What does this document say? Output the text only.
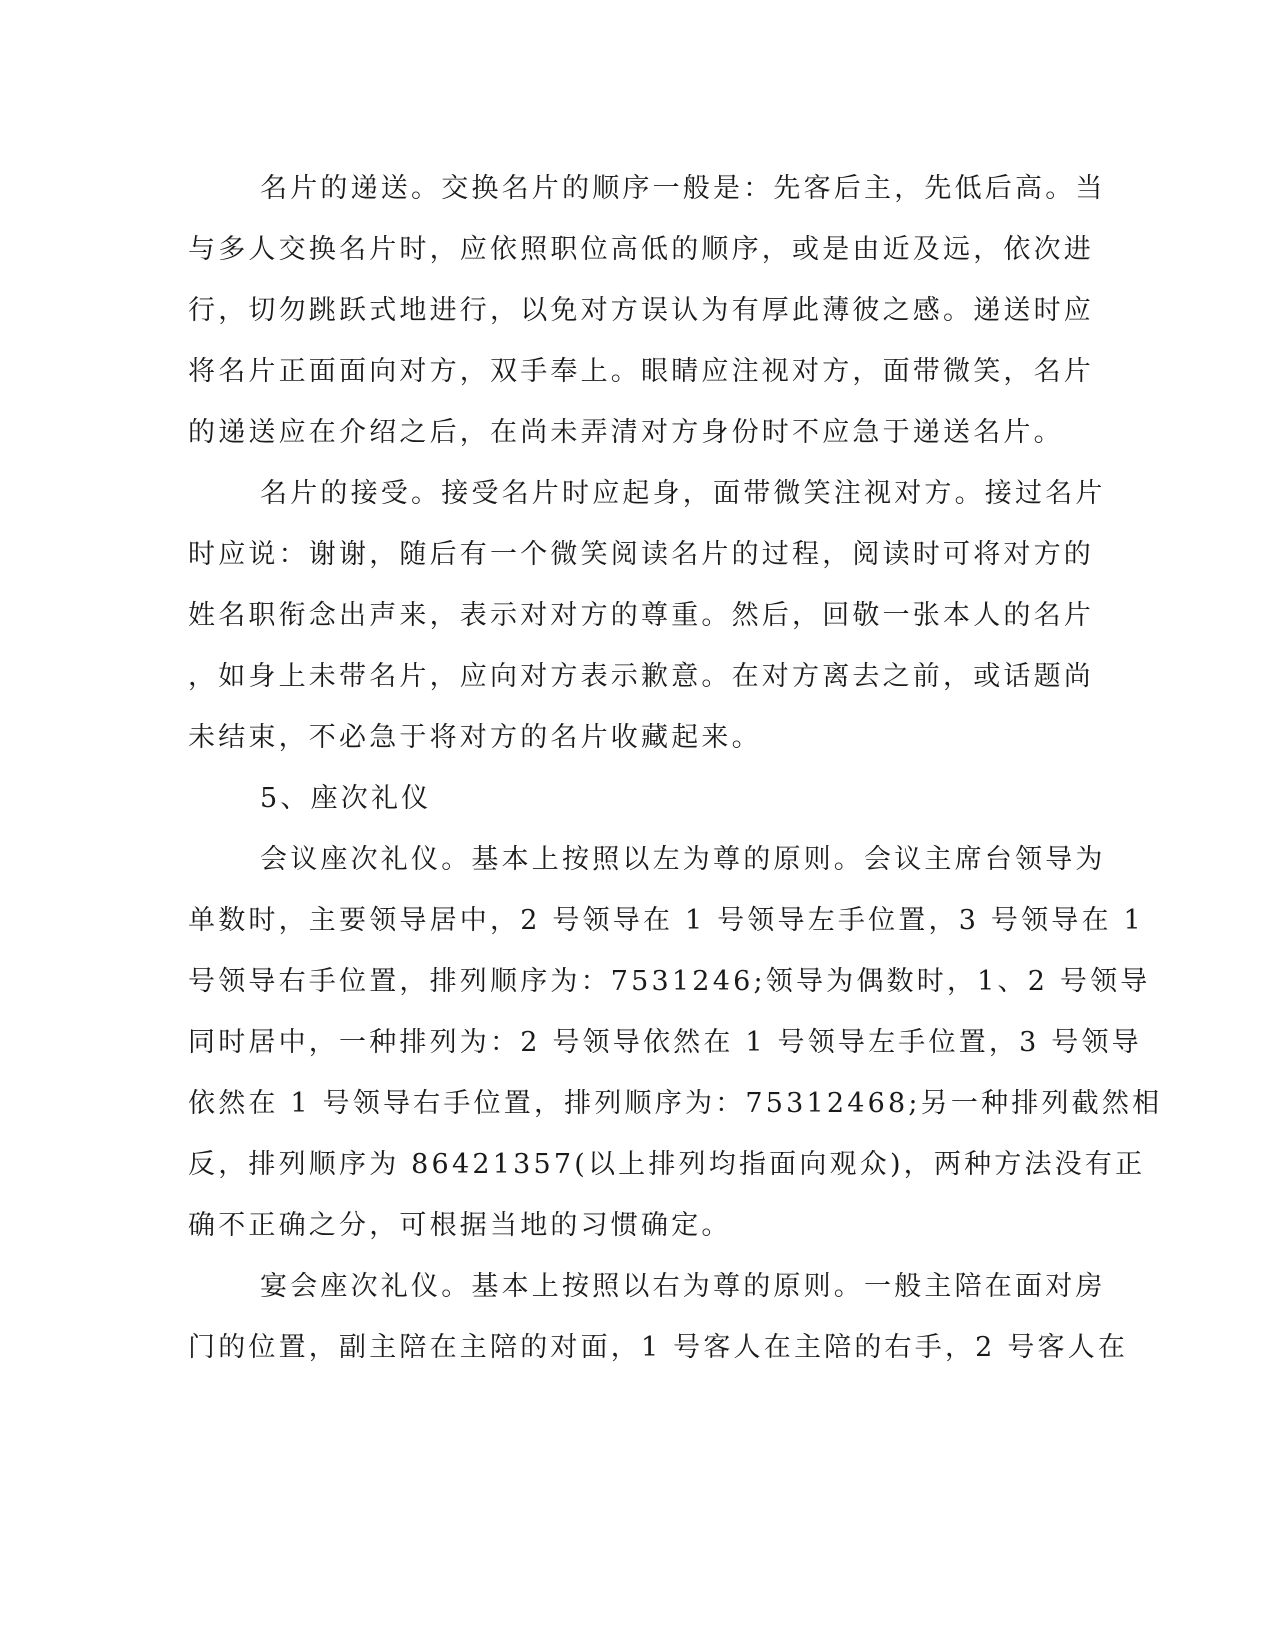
名片的递送。交换名片的顺序一般是：先客后主，先低后高。当
与多人交换名片时，应依照职位高低的顺序，或是由近及远，依次进
行，切勿跳跃式地进行，以免对方误认为有厚此薄彼之感。递送时应
将名片正面面向对方，双手奉上。眼睛应注视对方，面带微笑，名片
的递送应在介绍之后，在尚未弄清对方身份时不应急于递送名片。
名片的接受。接受名片时应起身，面带微笑注视对方。接过名片
时应说：谢谢，随后有一个微笑阅读名片的过程，阅读时可将对方的
姓名职衔念出声来，表示对对方的尊重。然后，回敬一张本人的名片
，如身上未带名片，应向对方表示歉意。在对方离去之前，或话题尚
未结束，不必急于将对方的名片收藏起来。
5、座次礼仪
会议座次礼仪。基本上按照以左为尊的原则。会议主席台领导为
单数时，主要领导居中，2 号领导在 1 号领导左手位置，3 号领导在 1
号领导右手位置，排列顺序为：7531246;领导为偶数时，1、2 号领导
同时居中，一种排列为：2 号领导依然在 1 号领导左手位置，3 号领导
依然在 1 号领导右手位置，排列顺序为：75312468;另一种排列截然相
反，排列顺序为 86421357(以上排列均指面向观众)，两种方法没有正
确不正确之分，可根据当地的习惯确定。
宴会座次礼仪。基本上按照以右为尊的原则。一般主陪在面对房
门的位置，副主陪在主陪的对面，1 号客人在主陪的右手，2 号客人在
